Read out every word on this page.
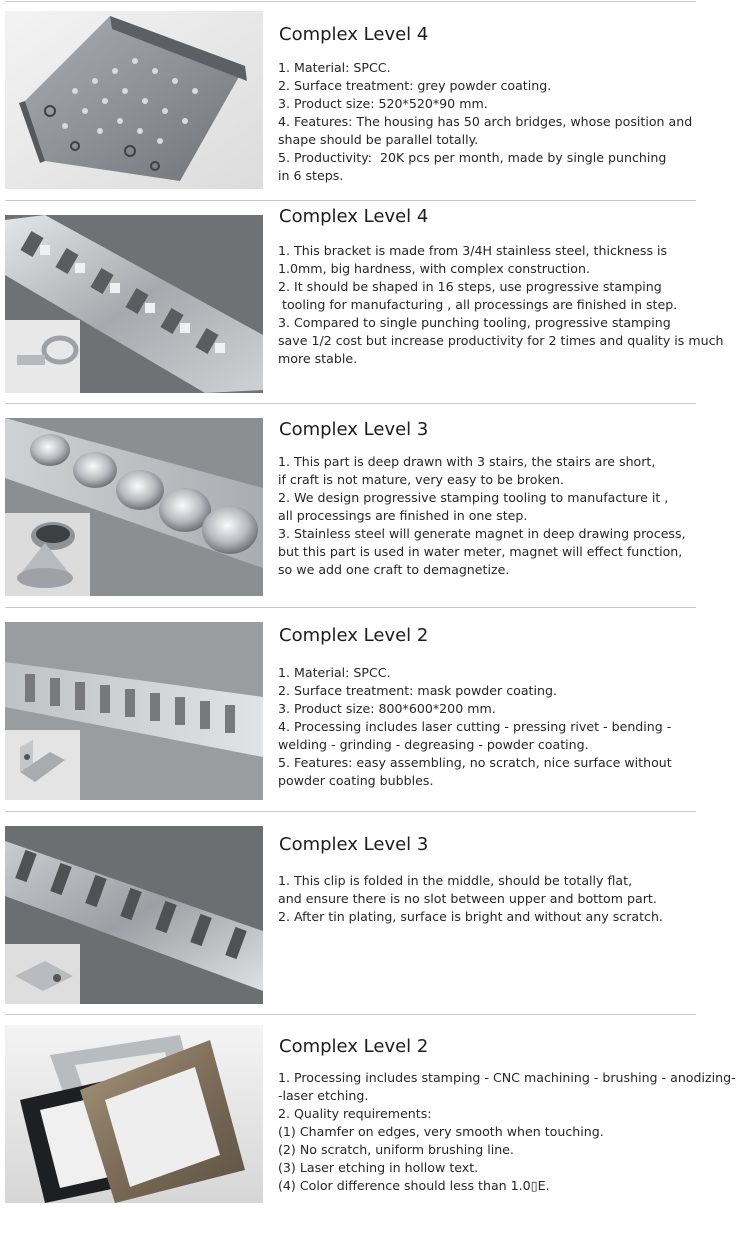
Complex Level 4
1. Material: SPCC.
2. Surface treatment: grey powder coating.
3. Product size: 520*520*90 mm.
4. Features: The housing has 50 arch bridges, whose position and
shape should be parallel totally.
5. Productivity:  20K pcs per month, made by single punching
in 6 steps.
Complex Level 4
1. This bracket is made from 3/4H stainless steel, thickness is
1.0mm, big hardness, with complex construction.
2. It should be shaped in 16 steps, use progressive stamping
tooling for manufacturing , all processings are finished in step.
3. Compared to single punching tooling, progressive stamping
save 1/2 cost but increase productivity for 2 times and quality is much
more stable.
Complex Level 3
1. This part is deep drawn with 3 stairs, the stairs are short,
if craft is not mature, very easy to be broken.
2. We design progressive stamping tooling to manufacture it ,
all processings are finished in one step.
3. Stainless steel will generate magnet in deep drawing process,
but this part is used in water meter, magnet will effect function,
so we add one craft to demagnetize.
Complex Level 2
1. Material: SPCC.
2. Surface treatment: mask powder coating.
3. Product size: 800*600*200 mm.
4. Processing includes laser cutting - pressing rivet - bending -
welding - grinding - degreasing - powder coating.
5. Features: easy assembling, no scratch, nice surface without
powder coating bubbles.
Complex Level 3
1. This clip is folded in the middle, should be totally flat,
and ensure there is no slot between upper and bottom part.
2. After tin plating, surface is bright and without any scratch.
Complex Level 2
1. Processing includes stamping - CNC machining - brushing - anodizing-
-laser etching.
2. Quality requirements:
(1) Chamfer on edges, very smooth when touching.
(2) No scratch, uniform brushing line.
(3) Laser etching in hollow text.
(4) Color difference should less than 1.0▯E.
